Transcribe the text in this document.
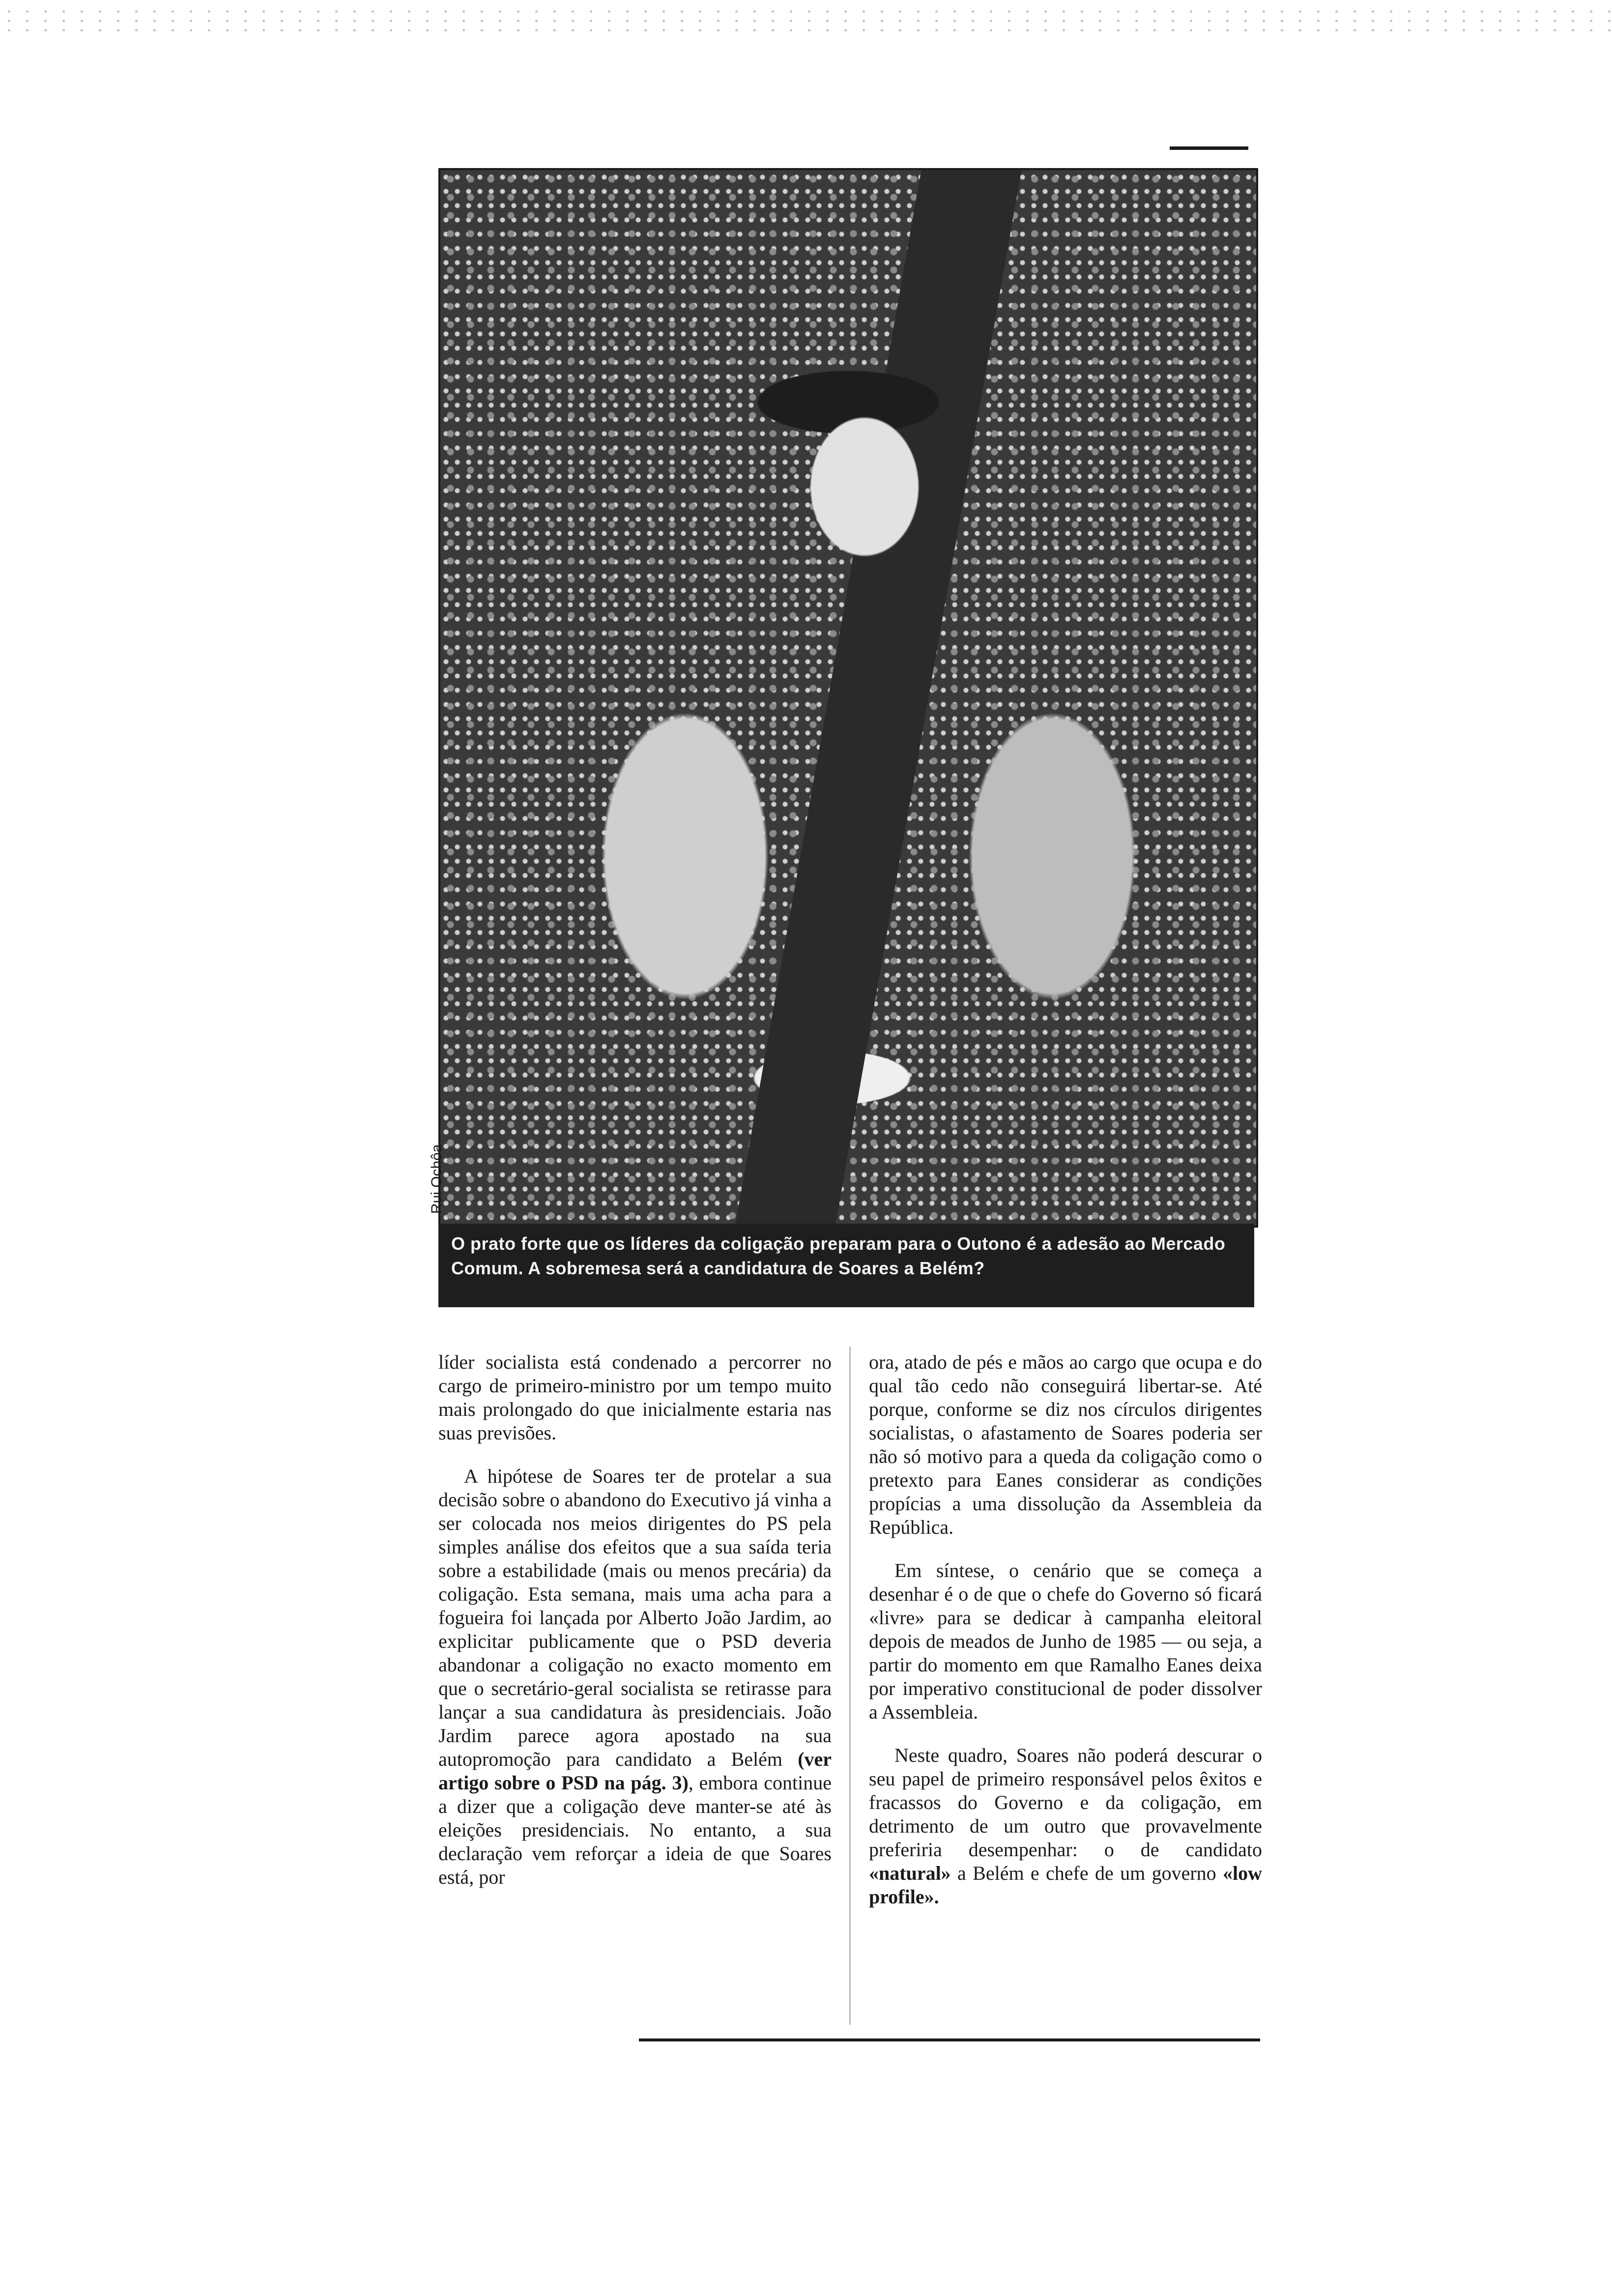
Rui Ochôa

O prato forte que os líderes da coligação preparam para o Outono é a adesão ao Mercado Comum. A sobremesa será a candidatura de Soares a Belém?

líder socialista está condenado a percorrer no cargo de primeiro-ministro por um tempo muito mais prolongado do que inicialmente estaria nas suas previsões.

A hipótese de Soares ter de protelar a sua decisão sobre o abandono do Executivo já vinha a ser colocada nos meios dirigentes do PS pela simples análise dos efeitos que a sua saída teria sobre a estabilidade (mais ou menos precária) da coligação. Esta semana, mais uma acha para a fogueira foi lançada por Alberto João Jardim, ao explicitar publicamente que o PSD deveria abandonar a coligação no exacto momento em que o secretário-geral socialista se retirasse para lançar a sua candidatura às presidenciais. João Jardim parece agora apostado na sua autopromoção para candidato a Belém (ver artigo sobre o PSD na pág. 3), embora continue a dizer que a coligação deve manter-se até às eleições presidenciais. No entanto, a sua declaração vem reforçar a ideia de que Soares está, por

ora, atado de pés e mãos ao cargo que ocupa e do qual tão cedo não conseguirá libertar-se. Até porque, conforme se diz nos círculos dirigentes socialistas, o afastamento de Soares poderia ser não só motivo para a queda da coligação como o pretexto para Eanes considerar as condições propícias a uma dissolução da Assembleia da República.

Em síntese, o cenário que se começa a desenhar é o de que o chefe do Governo só ficará «livre» para se dedicar à campanha eleitoral depois de meados de Junho de 1985 — ou seja, a partir do momento em que Ramalho Eanes deixa por imperativo constitucional de poder dissolver a Assembleia.

Neste quadro, Soares não poderá descurar o seu papel de primeiro responsável pelos êxitos e fracassos do Governo e da coligação, em detrimento de um outro que provavelmente preferiria desempenhar: o de candidato «natural» a Belém e chefe de um governo «low profile».
